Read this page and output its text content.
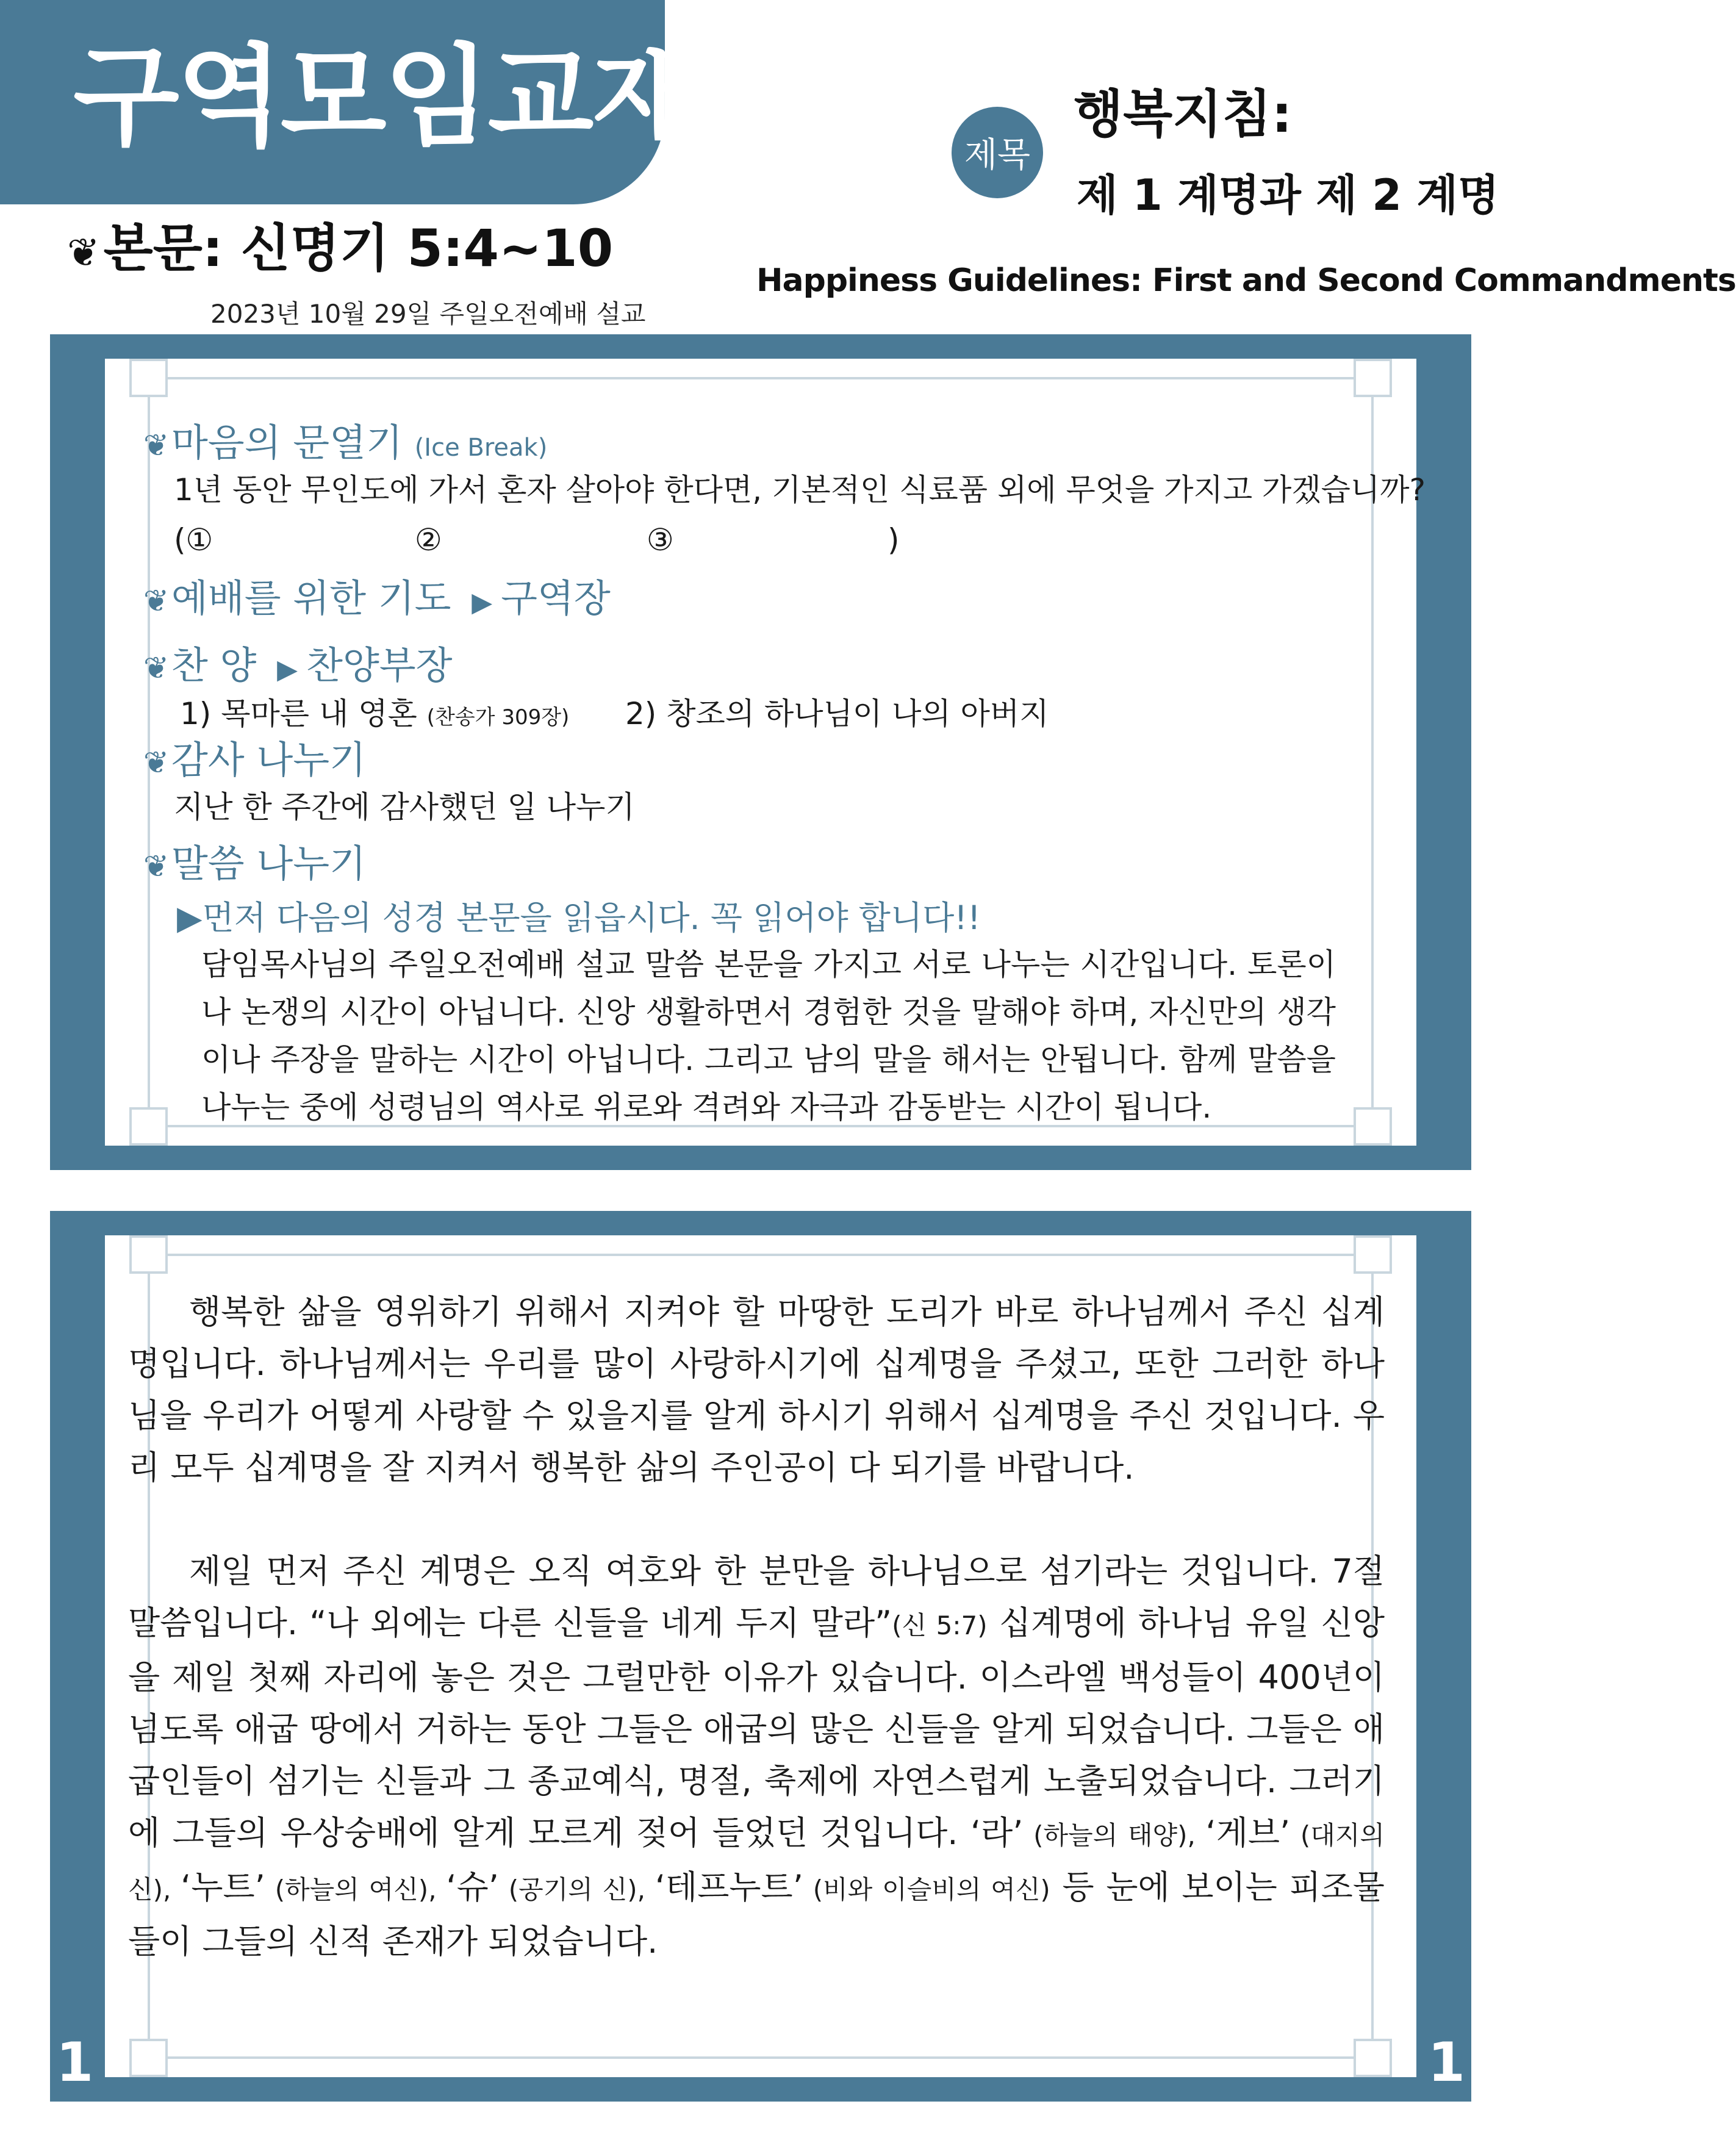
구역모임교재
❦본문: 신명기 5:4~10
2023년 10월 29일 주일오전예배 설교
제목
행복지침:
제 1 계명과 제 2 계명
Happiness Guidelines: First and Second Commandments
❦마음의 문열기 (Ice Break)
1년 동안 무인도에 가서 혼자 살아야 한다면, 기본적인 식료품 외에 무엇을 가지고 가겠습니까?
(①	②	③	)
❦예배를 위한 기도 ▶ 구역장
❦찬 양 ▶ 찬양부장
1) 목마른 내 영혼 (찬송가 309장) 2) 창조의 하나님이 나의 아버지
❦감사 나누기
지난 한 주간에 감사했던 일 나누기
❦말씀 나누기
▶먼저 다음의 성경 본문을 읽읍시다. 꼭 읽어야 합니다!!
담임목사님의 주일오전예배 설교 말씀 본문을 가지고 서로 나누는 시간입니다. 토론이나 논쟁의 시간이 아닙니다. 신앙 생활하면서 경험한 것을 말해야 하며, 자신만의 생각이나 주장을 말하는 시간이 아닙니다. 그리고 남의 말을 해서는 안됩니다. 함께 말씀을 나누는 중에 성령님의 역사로 위로와 격려와 자극과 감동받는 시간이 됩니다.
1	1
행복한 삶을 영위하기 위해서 지켜야 할 마땅한 도리가 바로 하나님께서 주신 십계명입니다. 하나님께서는 우리를 많이 사랑하시기에 십계명을 주셨고, 또한 그러한 하나님을 우리가 어떻게 사랑할 수 있을지를 알게 하시기 위해서 십계명을 주신 것입니다. 우리 모두 십계명을 잘 지켜서 행복한 삶의 주인공이 다 되기를 바랍니다.
제일 먼저 주신 계명은 오직 여호와 한 분만을 하나님으로 섬기라는 것입니다. 7절 말씀입니다. “나 외에는 다른 신들을 네게 두지 말라”(신 5:7) 십계명에 하나님 유일 신앙을 제일 첫째 자리에 놓은 것은 그럴만한 이유가 있습니다. 이스라엘 백성들이 400년이 넘도록 애굽 땅에서 거하는 동안 그들은 애굽의 많은 신들을 알게 되었습니다. 그들은 애굽인들이 섬기는 신들과 그 종교예식, 명절, 축제에 자연스럽게 노출되었습니다. 그러기에 그들의 우상숭배에 알게 모르게 젖어 들었던 것입니다. ‘라’ (하늘의 태양), ‘게브’ (대지의 신), ‘누트’ (하늘의 여신), ‘슈’ (공기의 신), ‘테프누트’ (비와 이슬비의 여신) 등 눈에 보이는 피조물들이 그들의 신적 존재가 되었습니다.
